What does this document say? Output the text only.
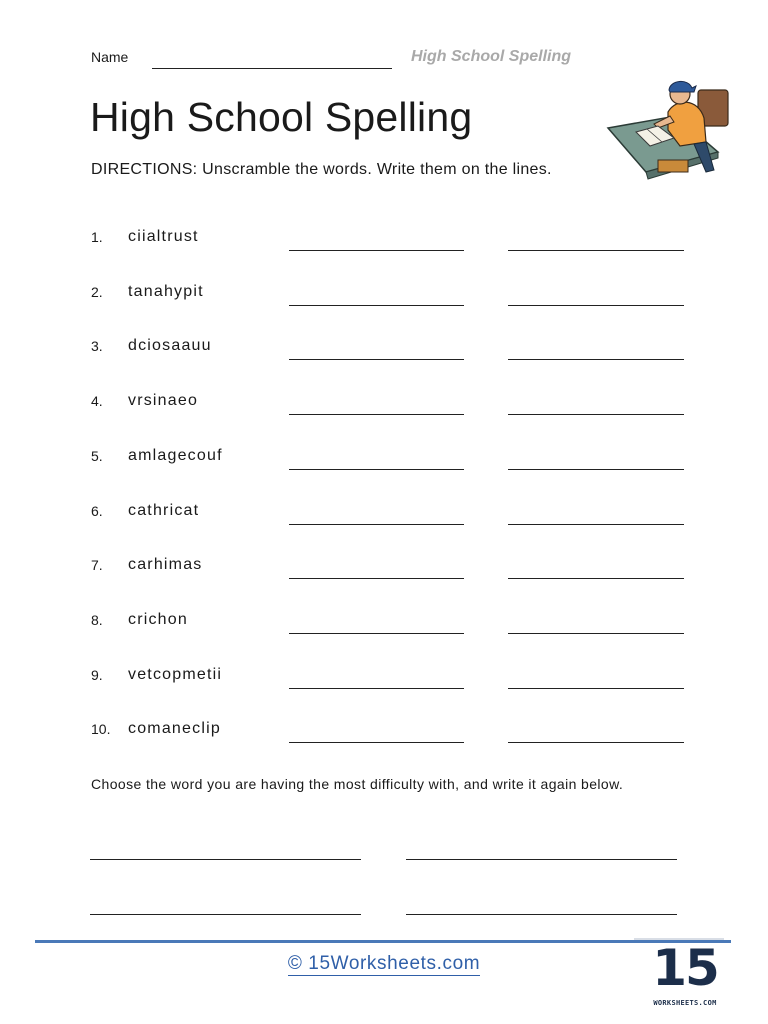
Name	High School Spelling
High School Spelling
DIRECTIONS: Unscramble the words. Write them on the lines.
1. ciialtrust
2. tanahypit
3. dciosaauu
4. vrsinaeo
5. amlagecouf
6. cathricat
7. carhimas
8. crichon
9. vetcopmetii
10. comaneclip
Choose the word you are having the most difficulty with, and write it again below.
© 15Worksheets.com	15
WORKSHEETS.COM
